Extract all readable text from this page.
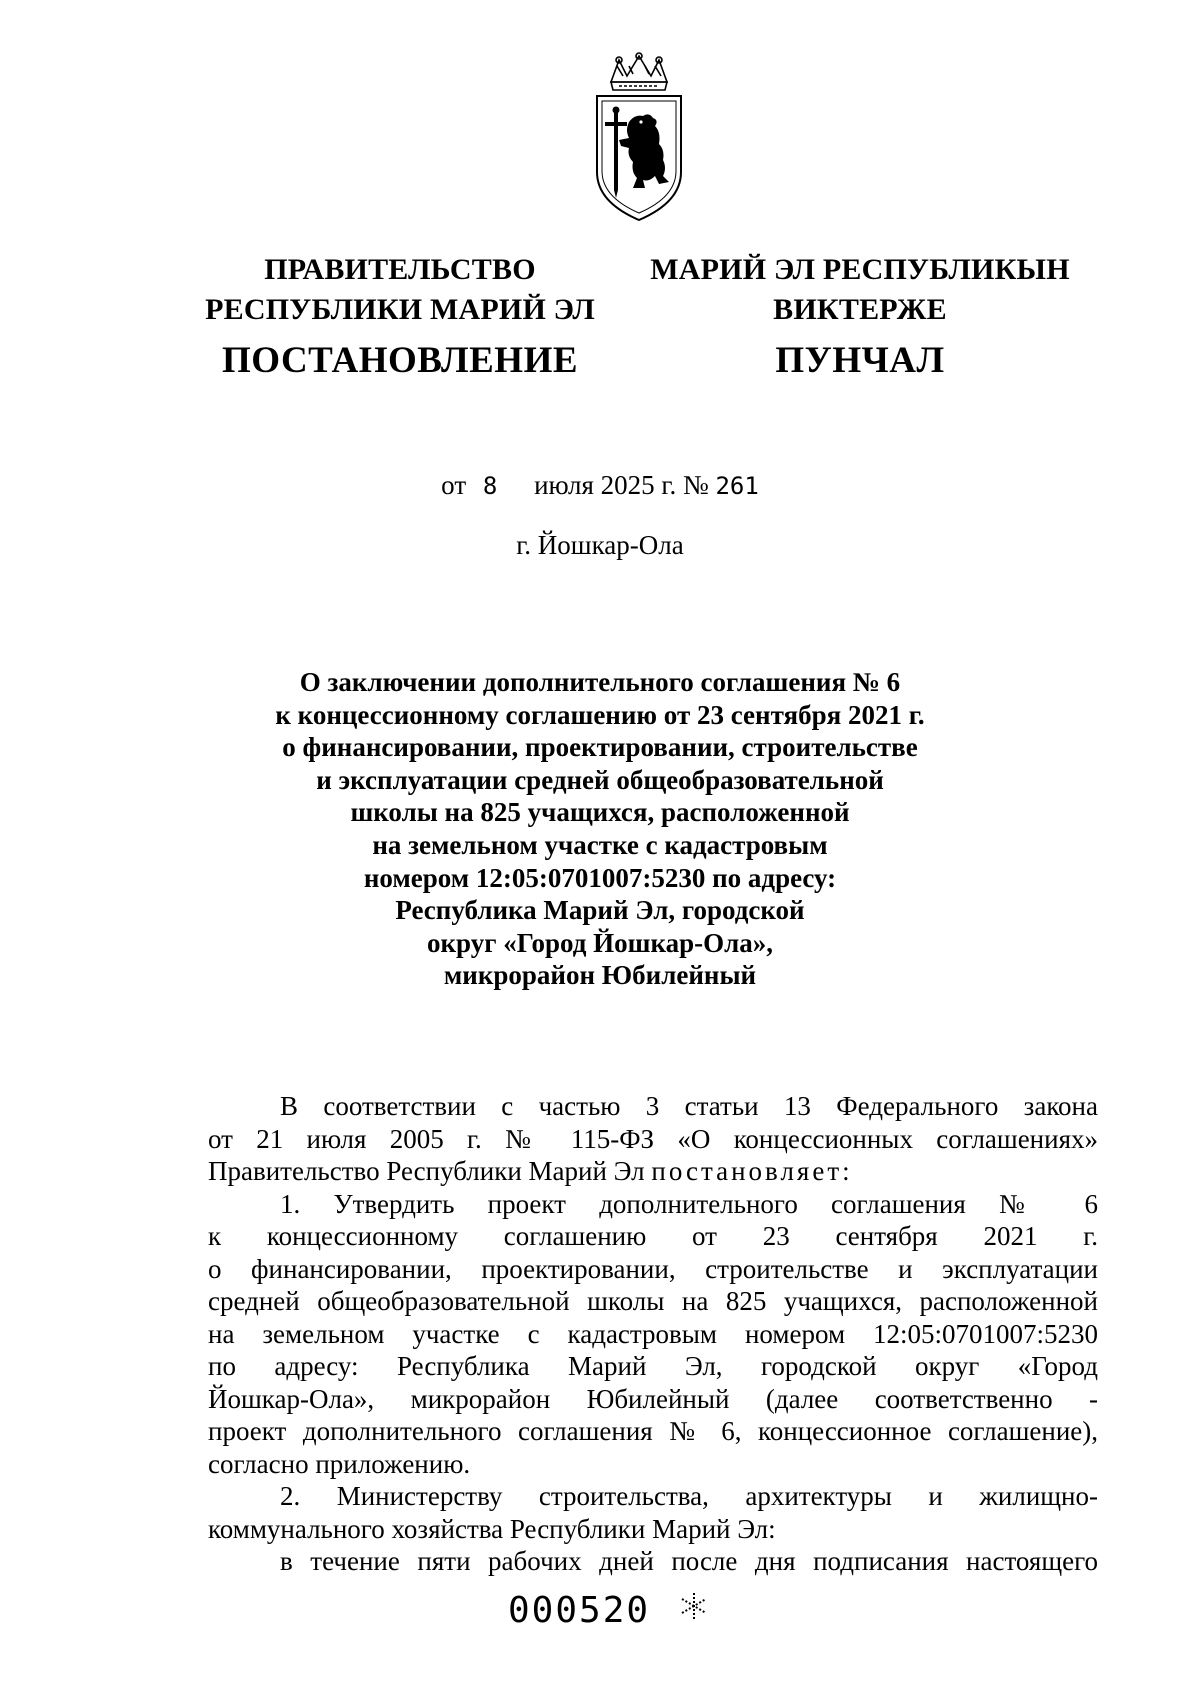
ПРАВИТЕЛЬСТВО
РЕСПУБЛИКИ МАРИЙ ЭЛ
ПОСТАНОВЛЕНИЕ
МАРИЙ ЭЛ РЕСПУБЛИКЫН
ВИКТЕРЖЕ
ПУНЧАЛ
от 8 июля 2025 г. № 261
г. Йошкар-Ола
О заключении дополнительного соглашения № 6
к концессионному соглашению от 23 сентября 2021 г.
о финансировании, проектировании, строительстве
и эксплуатации средней общеобразовательной
школы на 825 учащихся, расположенной
на земельном участке с кадастровым
номером 12:05:0701007:5230 по адресу:
Республика Марий Эл, городской
округ «Город Йошкар-Ола»,
микрорайон Юбилейный
В соответствии с частью 3 статьи 13 Федерального закона
от 21 июля 2005 г. № 115-ФЗ «О концессионных соглашениях»
Правительство Республики Марий Эл постановляет:
1. Утвердить проект дополнительного соглашения № 6
к концессионному соглашению от 23 сентября 2021 г.
о финансировании, проектировании, строительстве и эксплуатации
средней общеобразовательной школы на 825 учащихся, расположенной
на земельном участке с кадастровым номером 12:05:0701007:5230
по адресу: Республика Марий Эл, городской округ «Город
Йошкар-Ола», микрорайон Юбилейный (далее соответственно -
проект дополнительного соглашения № 6, концессионное соглашение),
согласно приложению.
2. Министерству строительства, архитектуры и жилищно-
коммунального хозяйства Республики Марий Эл:
в течение пяти рабочих дней после дня подписания настоящего
000520
